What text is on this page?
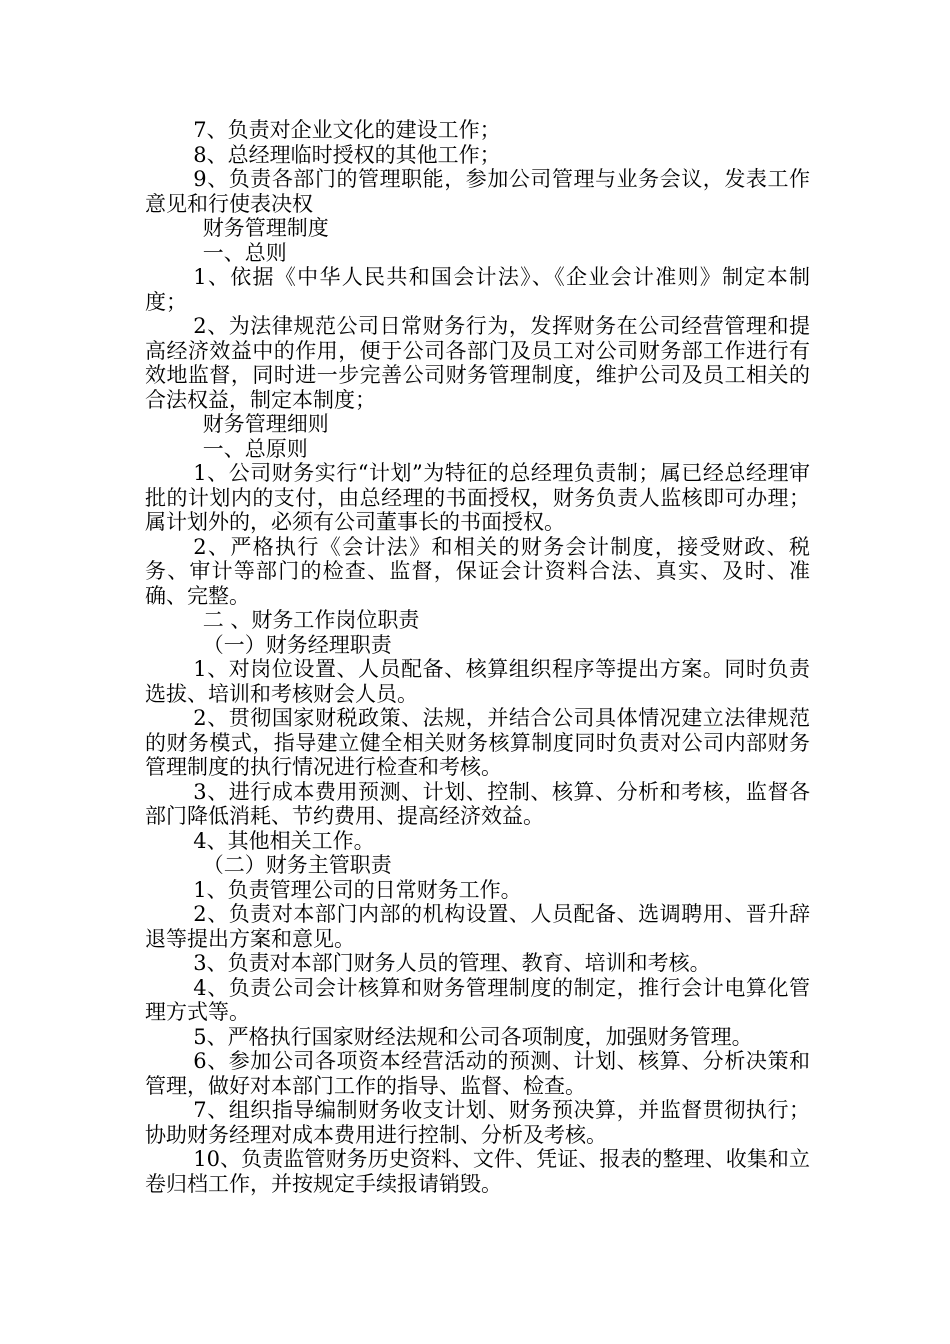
7、负责对企业文化的建设工作；

8、总经理临时授权的其他工作；

9、负责各部门的管理职能，参加公司管理与业务会议，发表工作意见和行使表决权

财务管理制度

一、总则

1、依据《中华人民共和国会计法》、《企业会计准则》制定本制度；

2、为法律规范公司日常财务行为，发挥财务在公司经营管理和提高经济效益中的作用，便于公司各部门及员工对公司财务部工作进行有效地监督，同时进一步完善公司财务管理制度，维护公司及员工相关的合法权益，制定本制度；

财务管理细则

一、总原则

1、公司财务实行“计划”为特征的总经理负责制；属已经总经理审批的计划内的支付，由总经理的书面授权，财务负责人监核即可办理；属计划外的，必须有公司董事长的书面授权。

2、严格执行《会计法》和相关的财务会计制度，接受财政、税务、审计等部门的检查、监督，保证会计资料合法、真实、及时、准确、完整。

二 、财务工作岗位职责

（一）财务经理职责

1、对岗位设置、人员配备、核算组织程序等提出方案。同时负责选拔、培训和考核财会人员。

2、贯彻国家财税政策、法规，并结合公司具体情况建立法律规范的财务模式，指导建立健全相关财务核算制度同时负责对公司内部财务管理制度的执行情况进行检查和考核。

3、进行成本费用预测、计划、控制、核算、分析和考核，监督各部门降低消耗、节约费用、提高经济效益。

4、其他相关工作。

（二）财务主管职责

1、负责管理公司的日常财务工作。

2、负责对本部门内部的机构设置、人员配备、选调聘用、晋升辞退等提出方案和意见。

3、负责对本部门财务人员的管理、教育、培训和考核。

4、负责公司会计核算和财务管理制度的制定，推行会计电算化管理方式等。

5、严格执行国家财经法规和公司各项制度，加强财务管理。

6、参加公司各项资本经营活动的预测、计划、核算、分析决策和管理，做好对本部门工作的指导、监督、检查。

7、组织指导编制财务收支计划、财务预决算，并监督贯彻执行；协助财务经理对成本费用进行控制、分析及考核。

10、负责监管财务历史资料、文件、凭证、报表的整理、收集和立卷归档工作，并按规定手续报请销毁。
